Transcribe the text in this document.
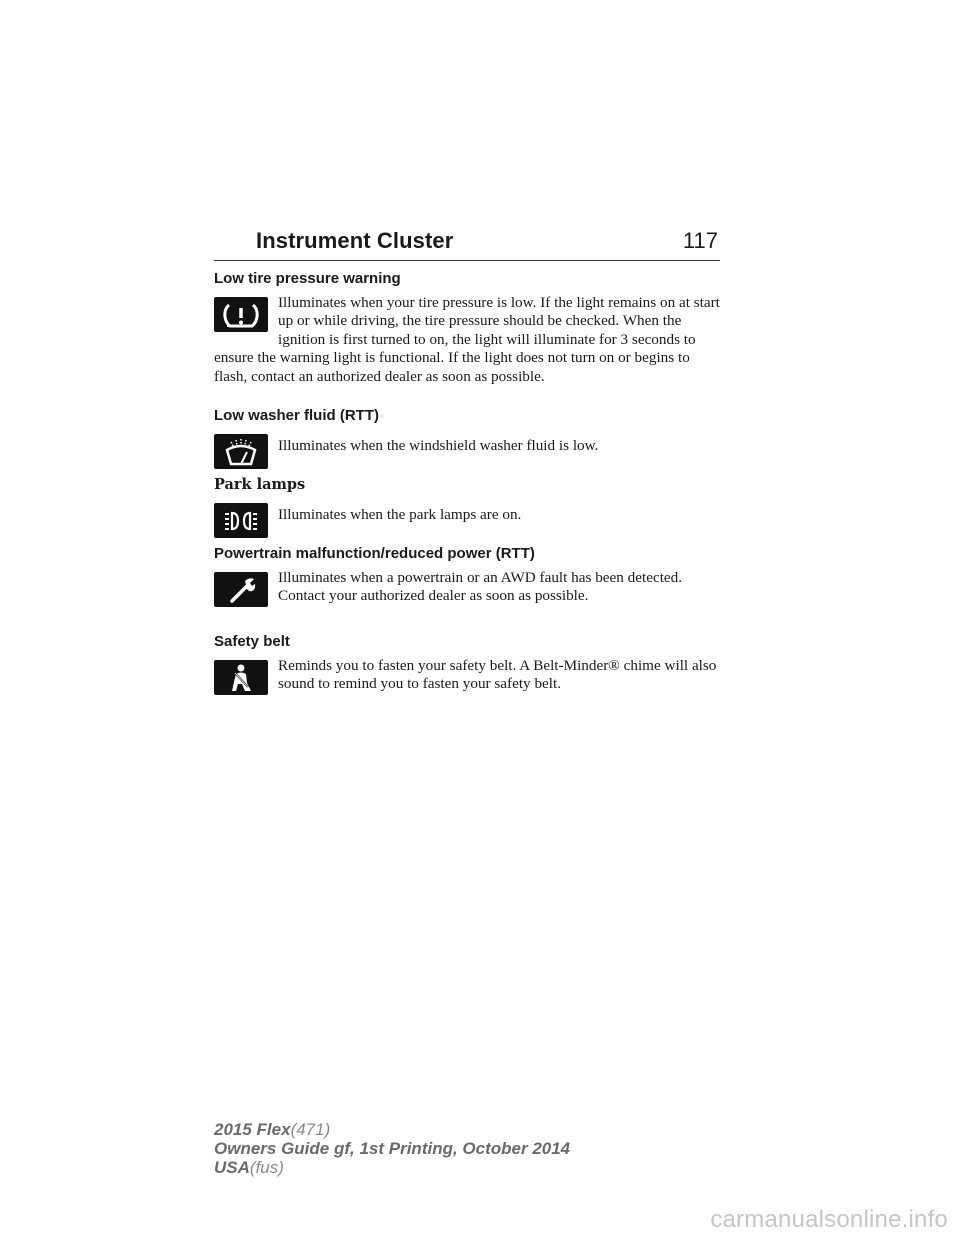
Instrument Cluster	117

Low tire pressure warning

Illuminates when your tire pressure is low. If the light remains on at start up or while driving, the tire pressure should be checked. When the ignition is first turned to on, the light will illuminate for 3 seconds to ensure the warning light is functional. If the light does not turn on or begins to flash, contact an authorized dealer as soon as possible.

Low washer fluid (RTT)

Illuminates when the windshield washer fluid is low.

Park lamps

Illuminates when the park lamps are on.

Powertrain malfunction/reduced power (RTT)

Illuminates when a powertrain or an AWD fault has been detected. Contact your authorized dealer as soon as possible.

Safety belt

Reminds you to fasten your safety belt. A Belt-Minder® chime will also sound to remind you to fasten your safety belt.

2015 Flex(471)
Owners Guide gf, 1st Printing, October 2014
USA(fus)
carmanualsonline.info
